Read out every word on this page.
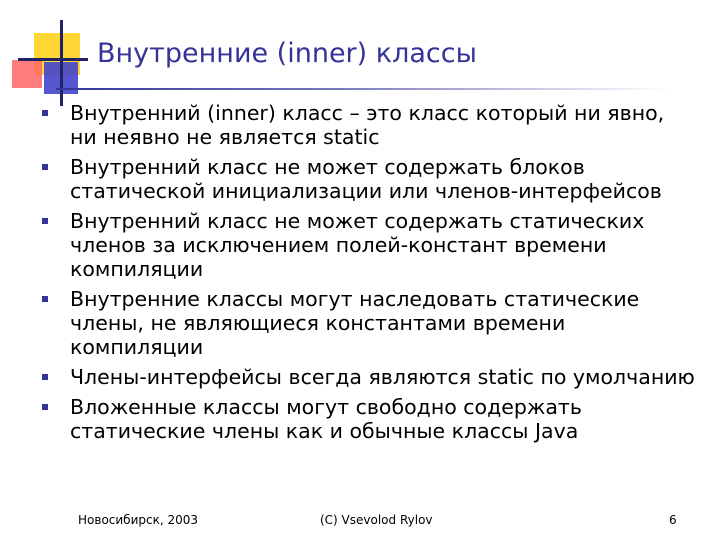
Внутренние (inner) классы
Внутренний (inner) класс – это класс который ни явно, ни неявно не является static
Внутренний класс не может содержать блоков статической инициализации или членов-интерфейсов
Внутренний класс не может содержать статических членов за исключением полей-констант времени компиляции
Внутренние классы могут наследовать статические члены, не являющиеся константами времени компиляции
Члены-интерфейсы всегда являются static по умолчанию
Вложенные классы могут свободно содержать статические члены как и обычные классы Java
Новосибирск, 2003	(C) Vsevolod Rylov	6
